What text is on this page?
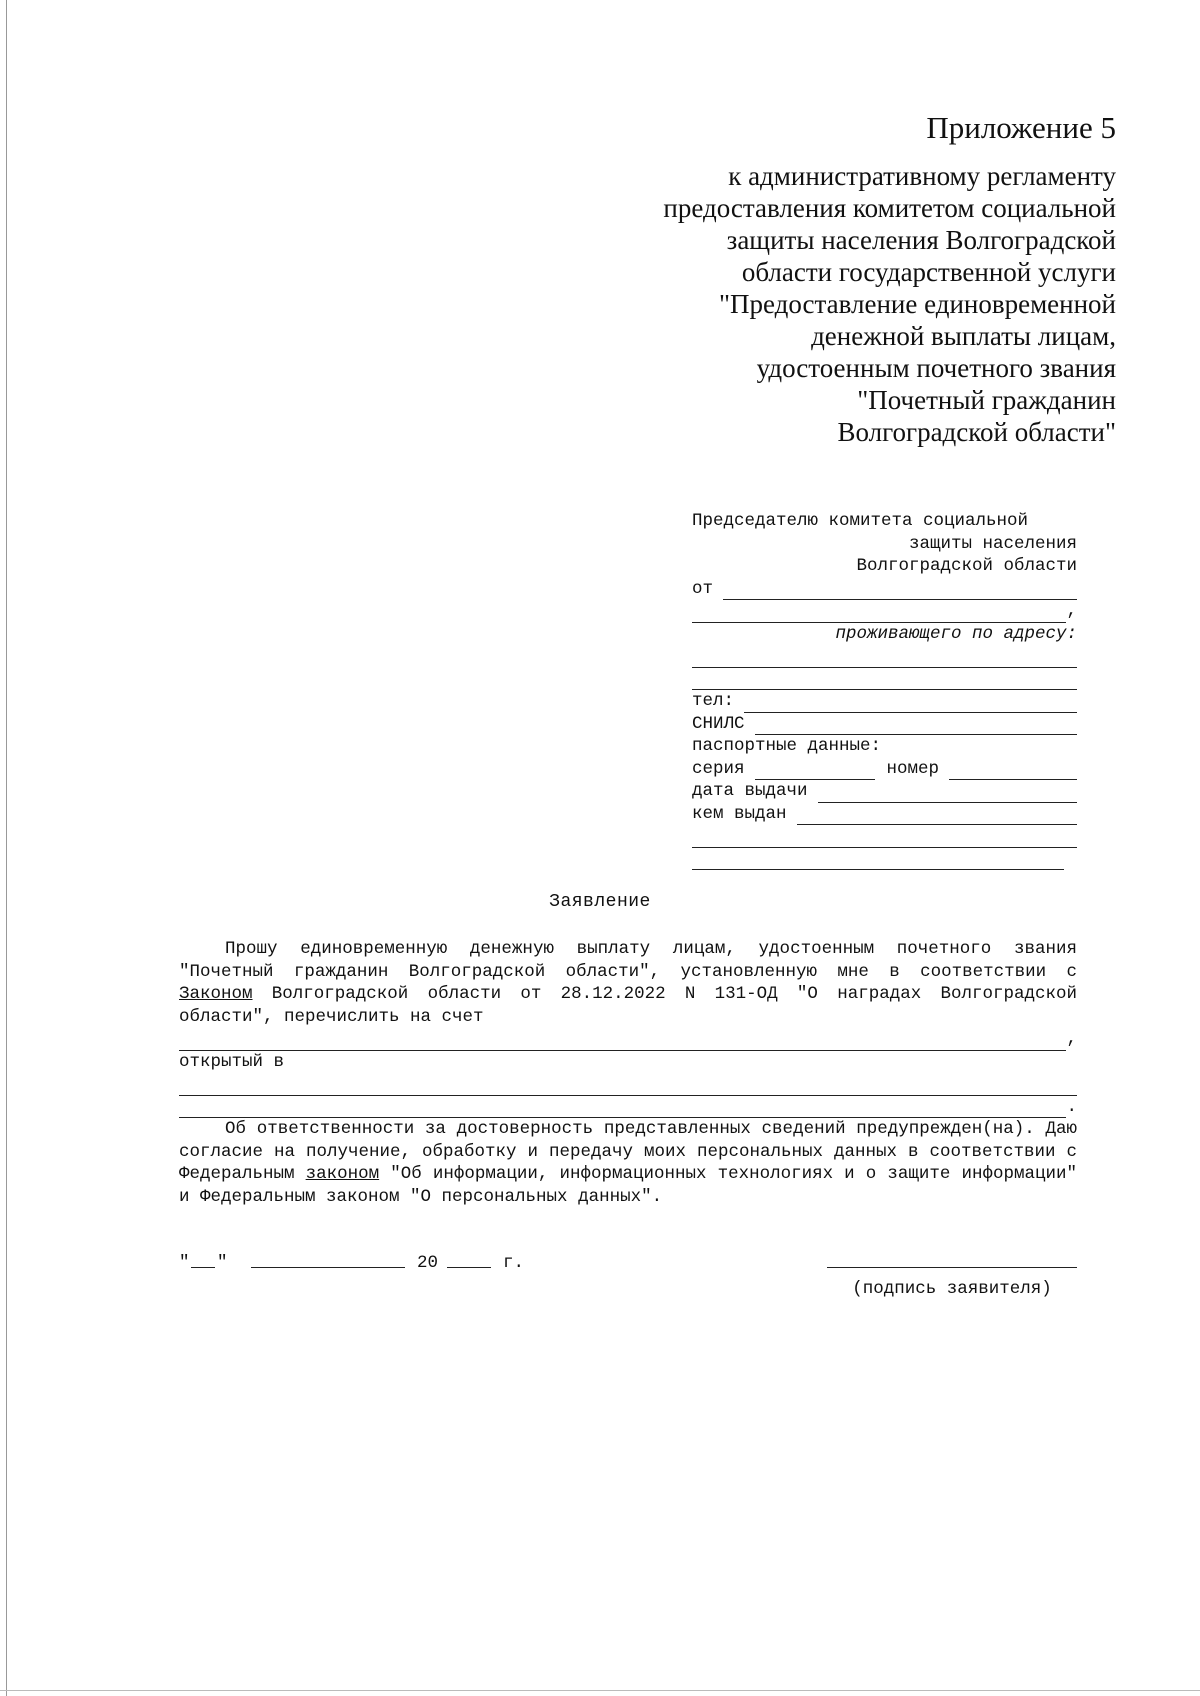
Приложение 5
к административному регламенту
предоставления комитетом социальной
защиты населения Волгоградской
области государственной услуги
"Предоставление единовременной
денежной выплаты лицам,
удостоенным почетного звания
"Почетный гражданин
Волгоградской области"
Председателю комитета социальной
защиты населения
Волгоградской области
от
,
проживающего по адресу:
тел:
СНИЛС
паспортные данные:
серия	номер
дата выдачи
кем выдан
Заявление
Прошу единовременную денежную выплату лицам, удостоенным почетного звания "Почетный гражданин Волгоградской области", установленную мне в соответствии с Законом Волгоградской области от 28.12.2022 N 131-ОД "О наградах Волгоградской области", перечислить на счет
,
открытый в
.
Об ответственности за достоверность представленных сведений предупрежден(на). Даю согласие на получение, обработку и передачу моих персональных данных в соответствии с Федеральным законом "Об информации, информационных технологиях и о защите информации" и Федеральным законом "О персональных данных".
" "	20	г.
(подпись заявителя)
